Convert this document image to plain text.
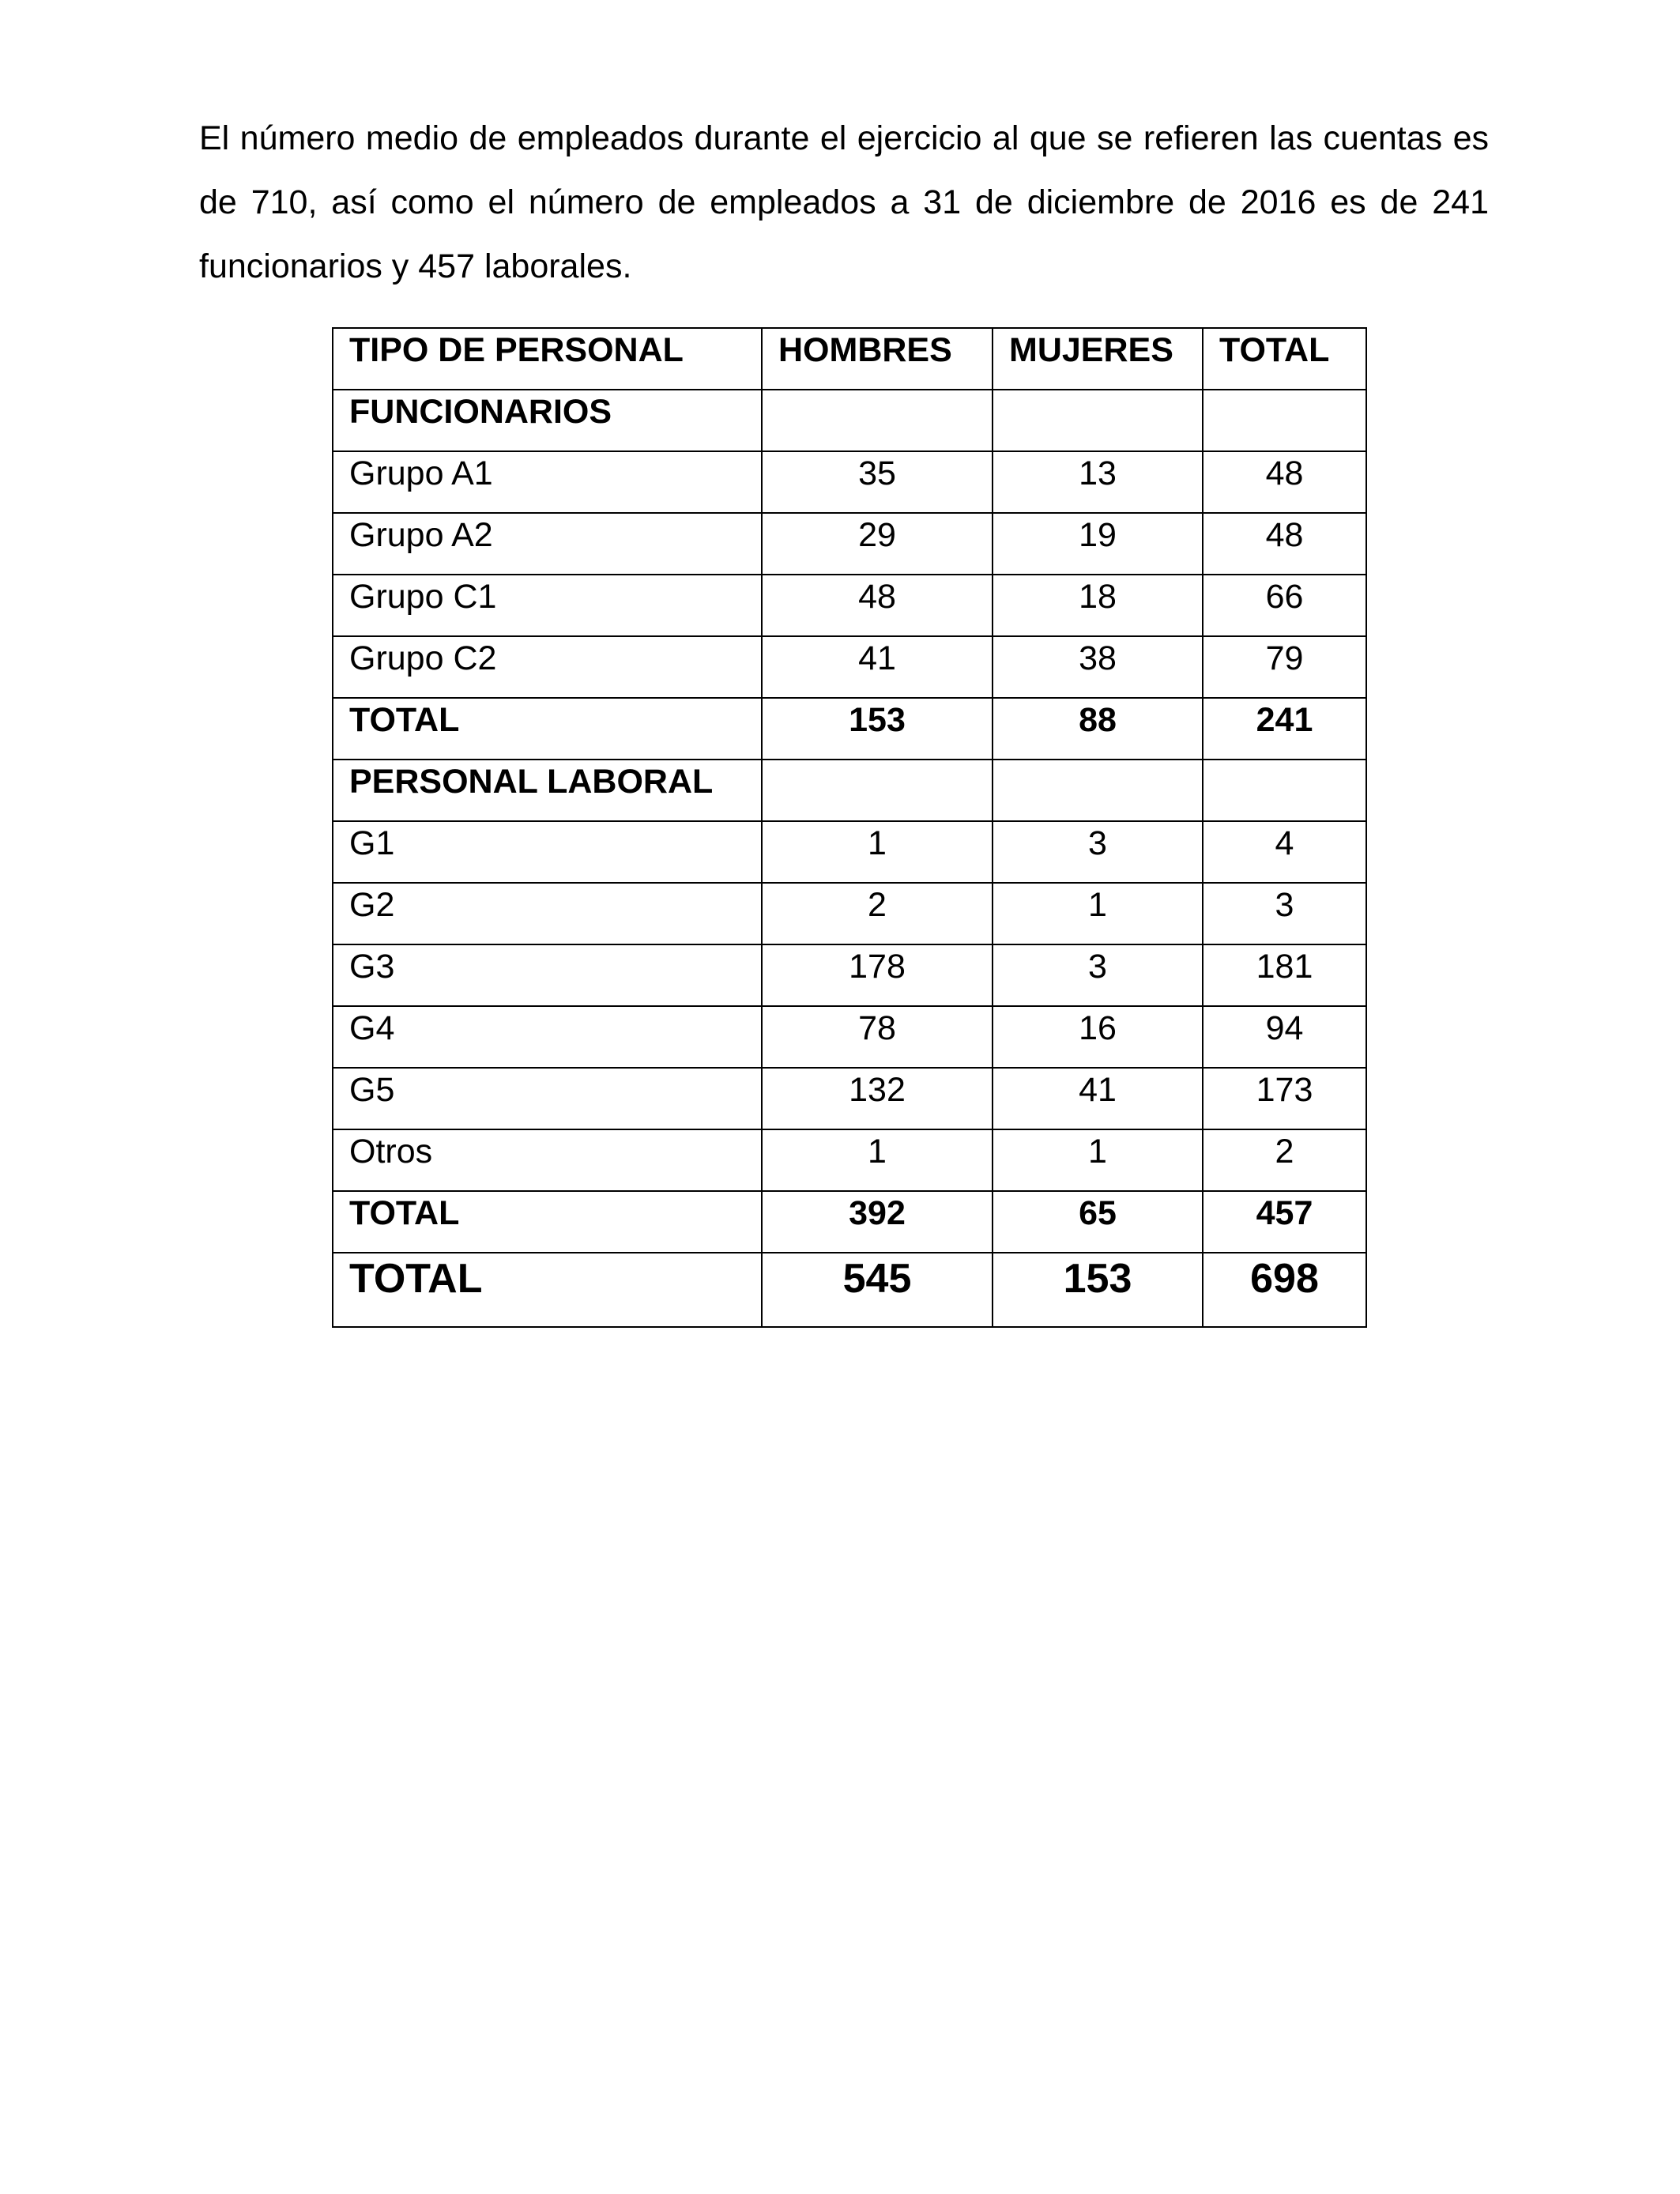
El número medio de empleados durante el ejercicio al que se refieren las cuentas es de 710, así como el número de empleados a 31 de diciembre de 2016 es de 241 funcionarios y 457 laborales.

TIPO DE PERSONAL	HOMBRES	MUJERES	TOTAL
FUNCIONARIOS			
Grupo A1	35	13	48
Grupo A2	29	19	48
Grupo C1	48	18	66
Grupo C2	41	38	79
TOTAL	153	88	241
PERSONAL LABORAL			
G1	1	3	4
G2	2	1	3
G3	178	3	181
G4	78	16	94
G5	132	41	173
Otros	1	1	2
TOTAL	392	65	457
TOTAL	545	153	698
